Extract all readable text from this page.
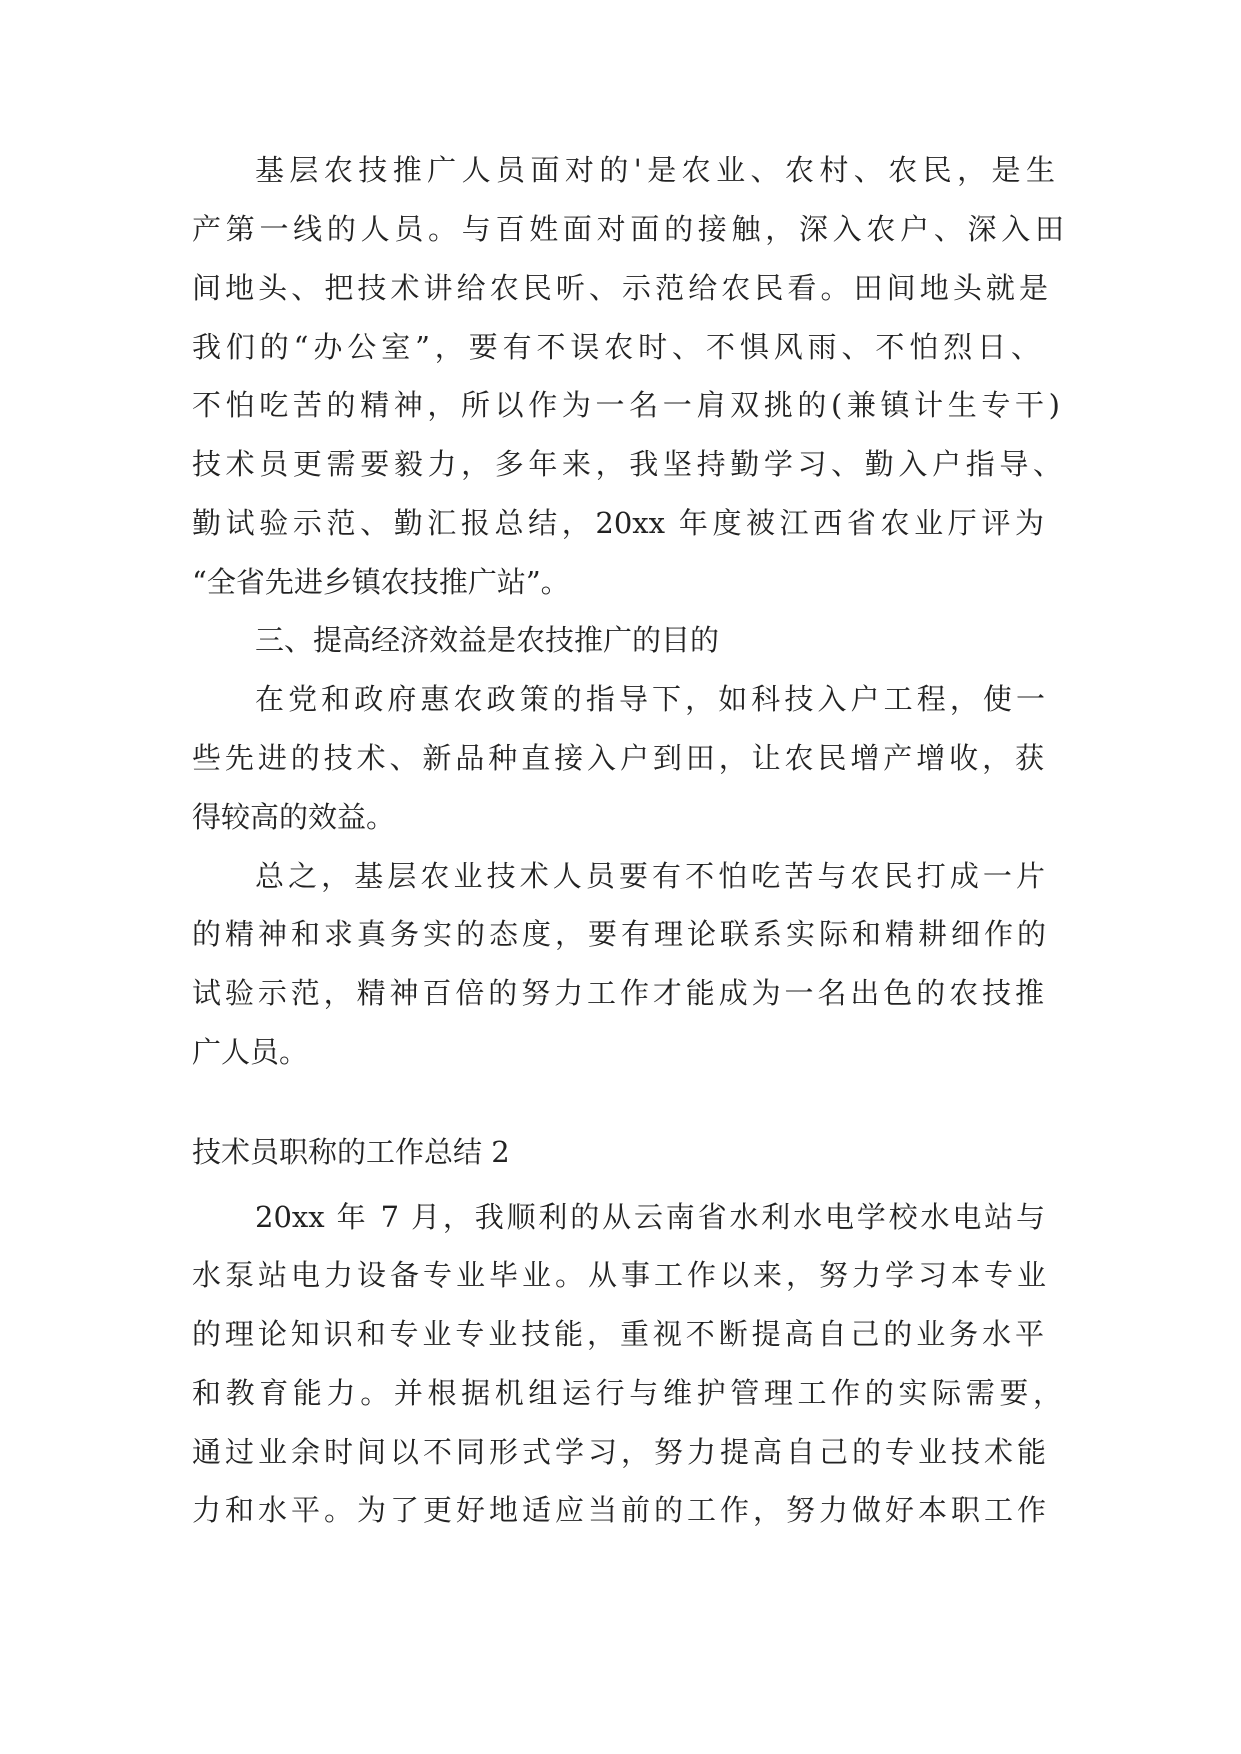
基层农技推广人员面对的'是农业、农村、农民，是生

产第一线的人员。与百姓面对面的接触，深入农户、深入田

间地头、把技术讲给农民听、示范给农民看。田间地头就是

我们的“办公室”，要有不误农时、不惧风雨、不怕烈日、

不怕吃苦的精神，所以作为一名一肩双挑的(兼镇计生专干)

技术员更需要毅力，多年来，我坚持勤学习、勤入户指导、

勤试验示范、勤汇报总结，20xx 年度被江西省农业厅评为

“全省先进乡镇农技推广站”。

三、提高经济效益是农技推广的目的

在党和政府惠农政策的指导下，如科技入户工程，使一

些先进的技术、新品种直接入户到田，让农民增产增收，获

得较高的效益。

总之，基层农业技术人员要有不怕吃苦与农民打成一片

的精神和求真务实的态度，要有理论联系实际和精耕细作的

试验示范，精神百倍的努力工作才能成为一名出色的农技推

广人员。

技术员职称的工作总结 2

20xx 年 7 月，我顺利的从云南省水利水电学校水电站与

水泵站电力设备专业毕业。从事工作以来，努力学习本专业

的理论知识和专业专业技能，重视不断提高自己的业务水平

和教育能力。并根据机组运行与维护管理工作的实际需要，

通过业余时间以不同形式学习，努力提高自己的专业技术能

力和水平。为了更好地适应当前的工作，努力做好本职工作
